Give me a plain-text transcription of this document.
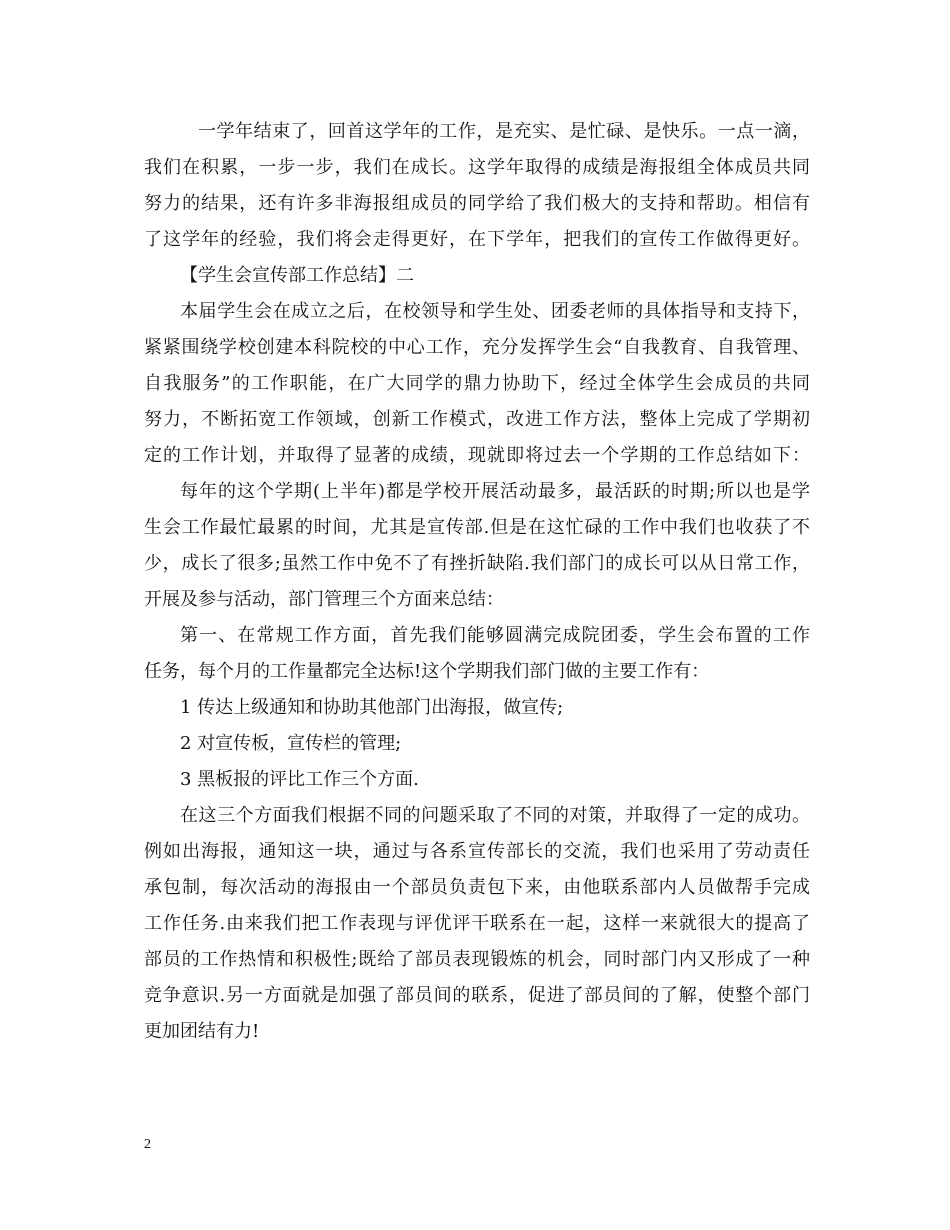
一学年结束了，回首这学年的工作，是充实、是忙碌、是快乐。一点一滴，
我们在积累，一步一步，我们在成长。这学年取得的成绩是海报组全体成员共同
努力的结果，还有许多非海报组成员的同学给了我们极大的支持和帮助。相信有
了这学年的经验，我们将会走得更好，在下学年，把我们的宣传工作做得更好。
【学生会宣传部工作总结】二
本届学生会在成立之后，在校领导和学生处、团委老师的具体指导和支持下，
紧紧围绕学校创建本科院校的中心工作，充分发挥学生会“自我教育、自我管理、
自我服务”的工作职能，在广大同学的鼎力协助下，经过全体学生会成员的共同
努力，不断拓宽工作领域，创新工作模式，改进工作方法，整体上完成了学期初
定的工作计划，并取得了显著的成绩，现就即将过去一个学期的工作总结如下：
每年的这个学期(上半年)都是学校开展活动最多，最活跃的时期;所以也是学
生会工作最忙最累的时间，尤其是宣传部.但是在这忙碌的工作中我们也收获了不
少，成长了很多;虽然工作中免不了有挫折缺陷.我们部门的成长可以从日常工作，
开展及参与活动，部门管理三个方面来总结：
第一、在常规工作方面，首先我们能够圆满完成院团委，学生会布置的工作
任务，每个月的工作量都完全达标!这个学期我们部门做的主要工作有：
1 传达上级通知和协助其他部门出海报，做宣传;
2 对宣传板，宣传栏的管理;
3 黑板报的评比工作三个方面.
在这三个方面我们根据不同的问题采取了不同的对策，并取得了一定的成功。
例如出海报，通知这一块，通过与各系宣传部长的交流，我们也采用了劳动责任
承包制，每次活动的海报由一个部员负责包下来，由他联系部内人员做帮手完成
工作任务.由来我们把工作表现与评优评干联系在一起，这样一来就很大的提高了
部员的工作热情和积极性;既给了部员表现锻炼的机会，同时部门内又形成了一种
竞争意识.另一方面就是加强了部员间的联系，促进了部员间的了解，使整个部门
更加团结有力!
2
